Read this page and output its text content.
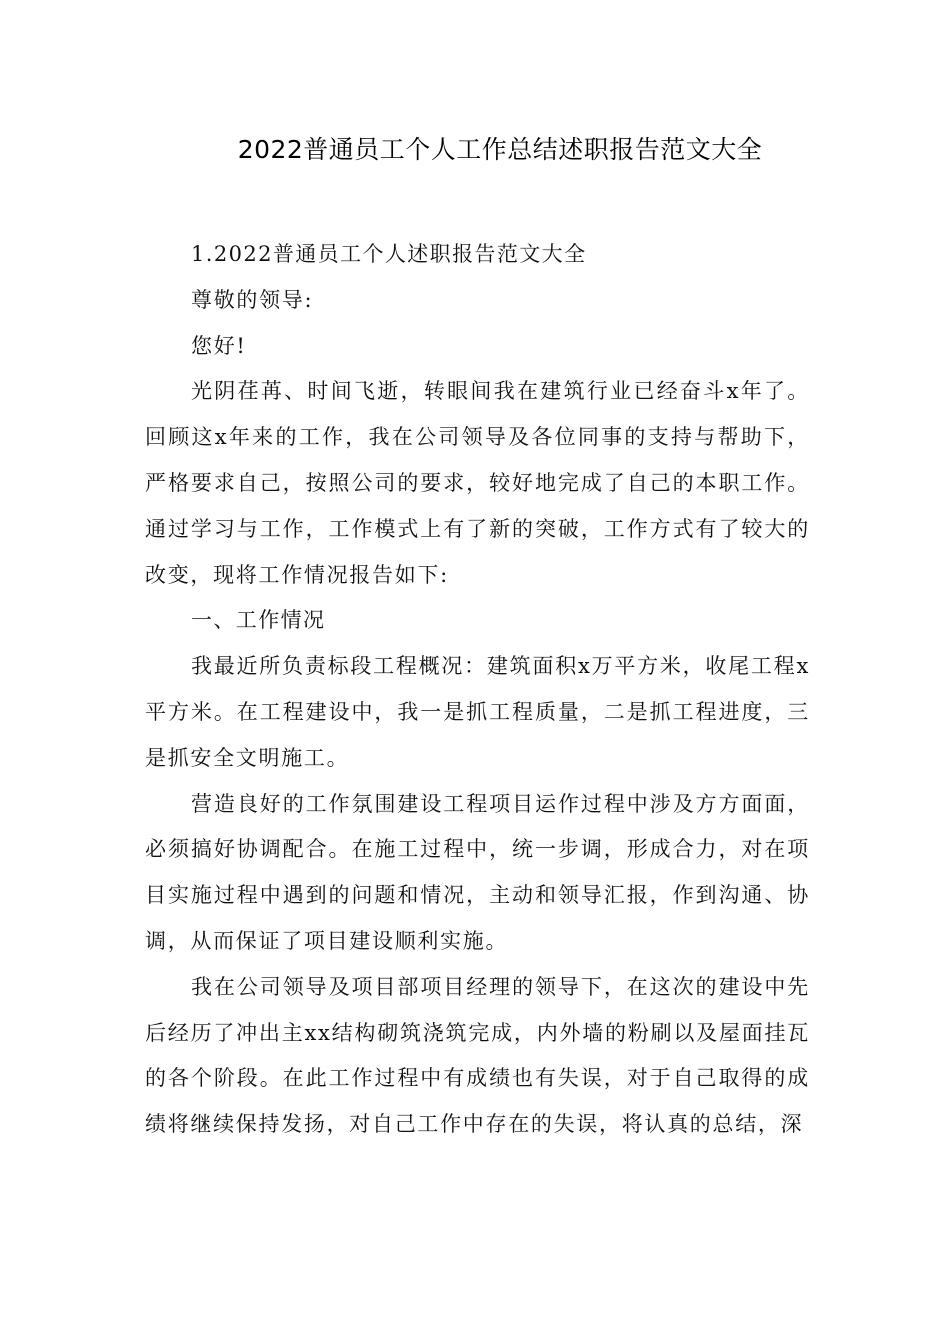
2022普通员工个人工作总结述职报告范文大全

1.2022普通员工个人述职报告范文大全

尊敬的领导:

您好!

光阴荏苒、时间飞逝，转眼间我在建筑行业已经奋斗x年了。回顾这x年来的工作，我在公司领导及各位同事的支持与帮助下，严格要求自己，按照公司的要求，较好地完成了自己的本职工作。通过学习与工作，工作模式上有了新的突破，工作方式有了较大的改变，现将工作情况报告如下:

一、工作情况

我最近所负责标段工程概况：建筑面积x万平方米，收尾工程x平方米。在工程建设中，我一是抓工程质量，二是抓工程进度，三是抓安全文明施工。

营造良好的工作氛围建设工程项目运作过程中涉及方方面面，必须搞好协调配合。在施工过程中，统一步调，形成合力，对在项目实施过程中遇到的问题和情况，主动和领导汇报，作到沟通、协调，从而保证了项目建设顺利实施。

我在公司领导及项目部项目经理的领导下，在这次的建设中先后经历了冲出主xx结构砌筑浇筑完成，内外墙的粉刷以及屋面挂瓦的各个阶段。在此工作过程中有成绩也有失误，对于自己取得的成绩将继续保持发扬，对自己工作中存在的失误，将认真的总结，深
